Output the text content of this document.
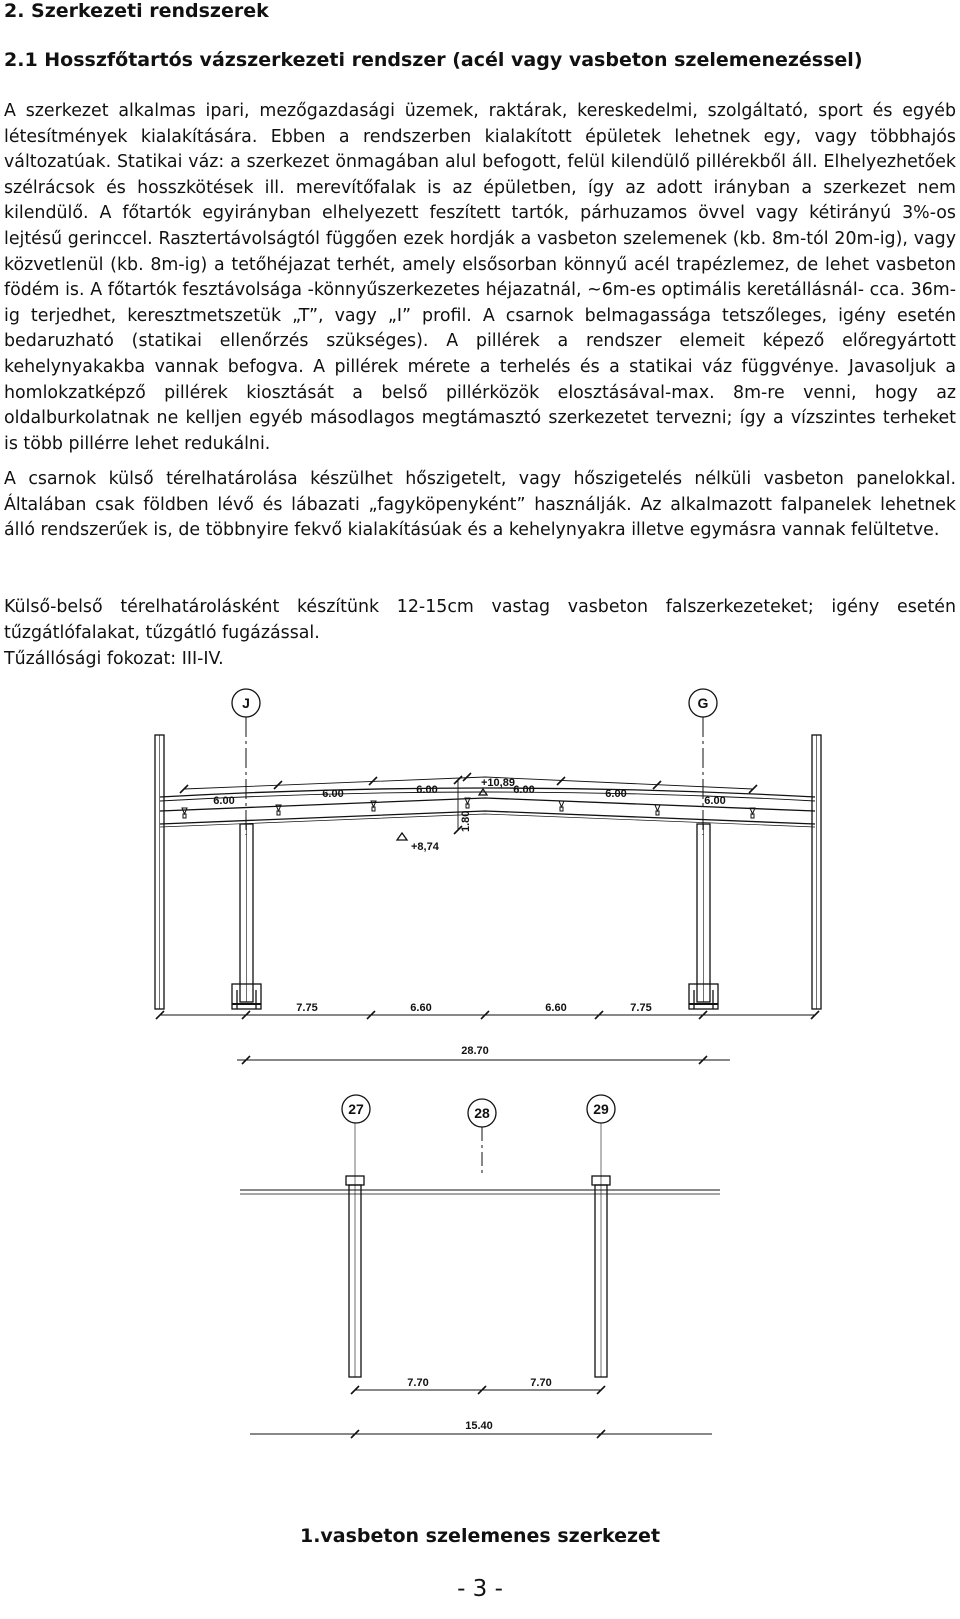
2. Szerkezeti rendszerek
2.1 Hosszfőtartós vázszerkezeti rendszer (acél vagy vasbeton szelemenezéssel)

A szerkezet alkalmas ipari, mezőgazdasági üzemek, raktárak, kereskedelmi, szolgáltató, sport és egyéb létesítmények kialakítására. Ebben a rendszerben kialakított épületek lehetnek egy, vagy többhajós változatúak. Statikai váz: a szerkezet önmagában alul befogott, felül kilendülő pillérekből áll. Elhelyezhetőek szélrácsok és hosszkötések ill. merevítőfalak is az épületben, így az adott irányban a szerkezet nem kilendülő. A főtartók egyirányban elhelyezett feszített tartók, párhuzamos övvel vagy kétirányú 3%-os lejtésű gerinccel. Rasztertávolságtól függően ezek hordják a vasbeton szelemenek (kb. 8m-tól 20m-ig), vagy közvetlenül (kb. 8m-ig) a tetőhéjazat terhét, amely elsősorban könnyű acél trapézlemez, de lehet vasbeton födém is. A főtartók fesztávolsága -könnyűszerkezetes héjazatnál, ~6m-es optimális keretállásnál- cca. 36m-ig terjedhet, keresztmetszetük „T”, vagy „I” profil. A csarnok belmagassága tetszőleges, igény esetén bedaruzható (statikai ellenőrzés szükséges). A pillérek a rendszer elemeit képező előregyártott kehelynyakakba vannak befogva. A pillérek mérete a terhelés és a statikai váz függvénye. Javasoljuk a homlokzatképző pillérek kiosztását a belső pillérközök elosztásával-max. 8m-re venni, hogy az oldalburkolatnak ne kelljen egyéb másodlagos megtámasztó szerkezetet tervezni; így a vízszintes terheket is több pillérre lehet redukálni.

A csarnok külső térelhatárolása készülhet hőszigetelt, vagy hőszigetelés nélküli vasbeton panelokkal. Általában csak földben lévő és lábazati „fagyköpenyként” használják. Az alkalmazott falpanelek lehetnek álló rendszerűek is, de többnyire fekvő kialakításúak és a kehelynyakra illetve egymásra vannak felültetve.

Külső-belső térelhatárolásként készítünk 12-15cm vastag vasbeton falszerkezeteket; igény esetén tűzgátlófalakat, tűzgátló fugázással.

Tűzállósági fokozat: III-IV.

J	G
6.00
6.00	6.00	6.00	6.00
6.00
+10,89
+8,74
1.80
7.75	6.60	6.60	7.75
28.70
27	28	29
7.70	7.70
15.40
1.vasbeton szelemenes szerkezet
- 3 -
